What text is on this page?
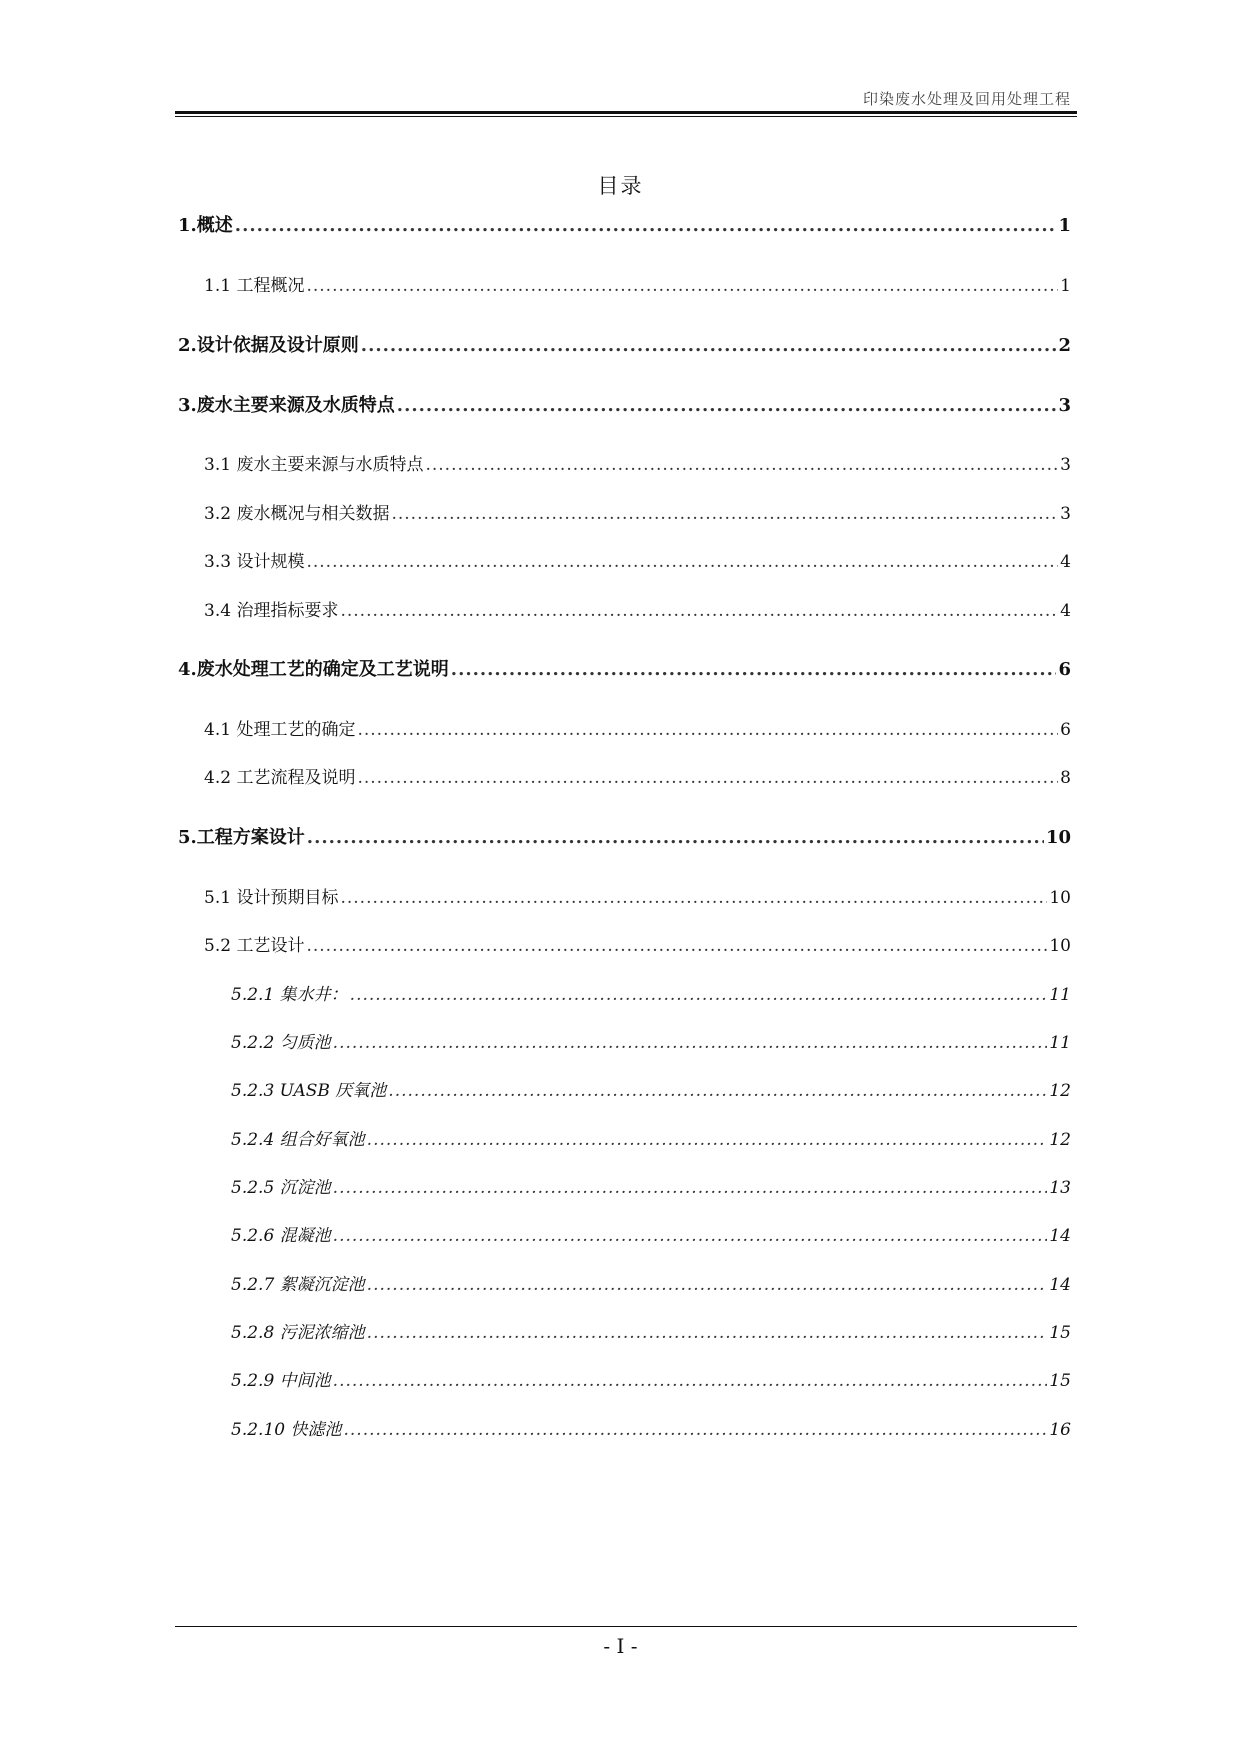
印染废水处理及回用处理工程
目录
1.概述 .....	1
1.1 工程概况 .....	1
2.设计依据及设计原则 .....	2
3.废水主要来源及水质特点 .....	3
3.1 废水主要来源与水质特点 .....	3
3.2 废水概况与相关数据 .....	3
3.3 设计规模 .....	4
3.4 治理指标要求 .....	4
4.废水处理工艺的确定及工艺说明 .....	6
4.1 处理工艺的确定 .....	6
4.2 工艺流程及说明 .....	8
5.工程方案设计 .....	10
5.1 设计预期目标 .....	10
5.2 工艺设计 .....	10
5.2.1 集水井： .....	11
5.2.2 匀质池 .....	11
5.2.3 UASB 厌氧池 .....	12
5.2.4 组合好氧池 .....	12
5.2.5 沉淀池 .....	13
5.2.6 混凝池 .....	14
5.2.7 絮凝沉淀池 .....	14
5.2.8 污泥浓缩池 .....	15
5.2.9 中间池 .....	15
5.2.10 快滤池 .....	16
- I -
